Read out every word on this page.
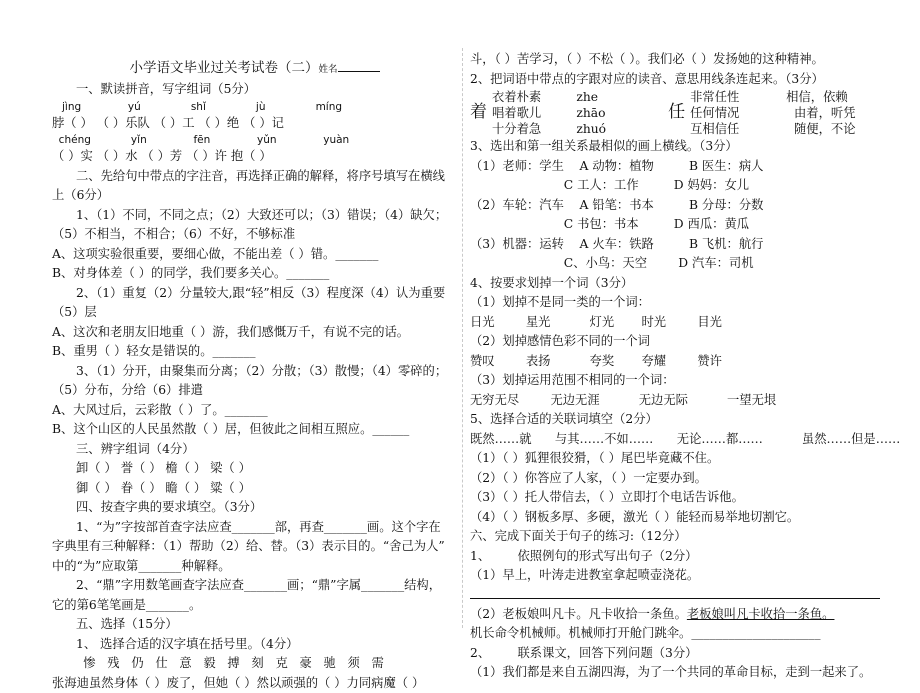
小学语文毕业过关考试卷（二）姓名
一、默读拼音，写字组词（5分）
jìng              yú               shǐ               jù               míng
脖（ ） （ ）乐队 （ ）工 （ ）绝 （ ）记
chéng            yǐn              fēn              yǔn              yuàn
（ ）实 （ ）水 （ ）芳 （ ）许 抱（ ）
二、先给句中带点的字注音，再选择正确的解释，将序号填写在横线
上（6分）
1、（1）不同，不同之点；（2）大致还可以；（3）错误；（4）缺欠；
（5）不相当，不相合；（6）不好，不够标准
A、这项实验很重要，要细心做，不能出差（ ）错。_______
B、对身体差（ ）的同学，我们要多关心。_______
2、（1）重复（2）分量较大,跟“轻”相反（3）程度深（4）认为重要
（5）层
A、这次和老朋友旧地重（ ）游，我们感慨万千，有说不完的话。
B、重男（ ）轻女是错误的。_______
3、（1）分开，由聚集而分离；（2）分散；（3）散慢；（4）零碎的；
（5）分布，分给（6）排遣
A、大风过后，云彩散（ ）了。_______
B、这个山区的人民虽然散（ ）居，但彼此之间相互照应。______
三、辨字组词（4分）
卸（ ） 誉（ ） 檐（ ） 梁（ ）
御（ ） 眷（ ） 瞻（ ） 粱（ ）
四、按查字典的要求填空。（3分）
1、“为”字按部首查字法应查_______部，再查_______画。这个字在
字典里有三种解释：（1）帮助（2）给、替。（3）表示目的。“舍己为人”
中的“为”应取第_______种解释。
2、“鼎”字用数笔画查字法应查_______画；“鼎”字属_______结构，
它的第6笔笔画是_______。
五、选择（15分）
1、 选择合适的汉字填在括号里。（4分）
惨   残   仍   仕   意   毅   搏   刻   克   豪   驰   须   需
张海迪虽然身体（ ）废了，但她（ ）然以顽强的（ ）力同病魔（ ）
斗，（ ）苦学习，（ ）不松（ ）。我们必（ ）发扬她的这种精神。
2、把词语中带点的字跟对应的读音、意思用线条连起来。（3分）
着
衣着朴素         zhe
唱着歌儿         zhāo
十分着急         zhuó
任
非常任性            相信，依赖
任何情况              由着，听凭
互相信任              随便，不论
3、选出和第一组关系最相似的画上横线。（3分）
（1）老师：学生    A 动物：植物         B 医生：病人
C 工人：工作         D 妈妈：女儿
（2）车轮：汽车    A 铅笔：书本         B 分母：分数
C 书包：书本         D 西瓜：黄瓜
（3）机器：运转    A 火车：铁路         B 飞机：航行
C、小鸟：天空        D 汽车：司机
4、按要求划掉一个词（3分）
（1）划掉不是同一类的一个词：
日光        星光          灯光       时光        目光
（2）划掉感情色彩不同的一个词
赞叹        表扬          夸奖       夸耀        赞许
（3）划掉运用范围不相同的一个词：
无穷无尽        无边无涯          无边无际          一望无垠
5、选择合适的关联词填空（2分）
既然……就      与其……不如……      无论……都……          虽然……但是……
（1）（ ）狐狸很狡猾，（ ）尾巴毕竟藏不住。
（2）（ ）你答应了人家，（ ）一定要办到。
（3）（ ）托人带信去，（ ）立即打个电话告诉他。
（4）（ ）钢板多厚、多硬，激光（ ）能轻而易举地切割它。
六、完成下面关于句子的练习:（12分）
1、       依照例句的形式写出句子（2分）
（1）早上，叶涛走进教室拿起喷壶浇花。
（2）老板娘叫凡卡。凡卡收拾一条鱼。老板娘叫凡卡收拾一条鱼。
机长命令机械师。机械师打开舱门跳伞。_____________________
2、       联系课文，回答下列问题（3分）
（1）我们都是来自五湖四海，为了一个共同的革命目标，走到一起来了。
